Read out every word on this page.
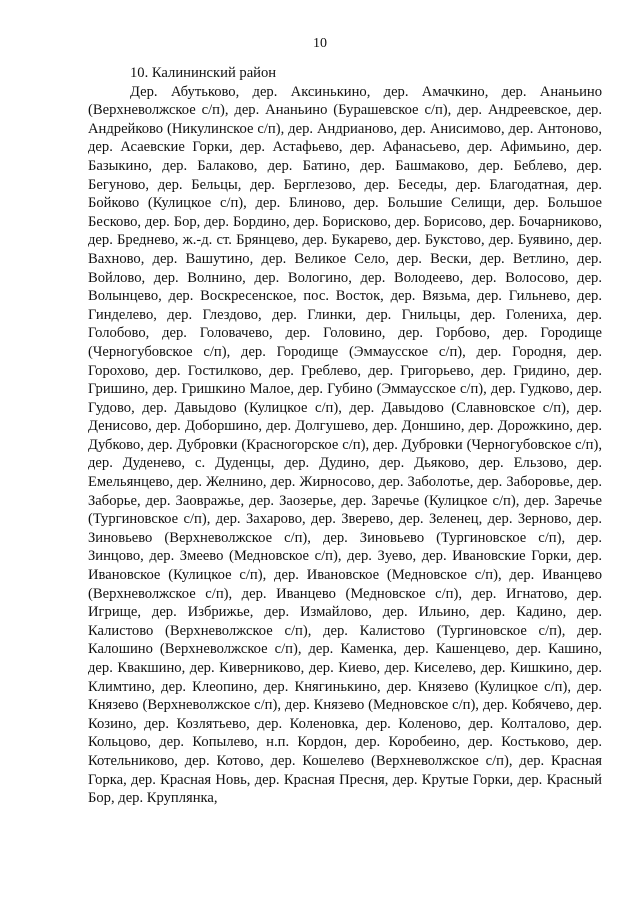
10

10. Калининский район

Дер. Абутьково, дер. Аксинькино, дер. Амачкино, дер. Ананьино (Верхневолжское с/п), дер. Ананьино (Бурашевское с/п), дер. Андреевское, дер. Андрейково (Никулинское с/п), дер. Андрианово, дер. Анисимово, дер. Антоново, дер. Асаевские Горки, дер. Астафьево, дер. Афанасьево, дер. Афимьино, дер. Базыкино, дер. Балаково, дер. Батино, дер. Башмаково, дер. Беблево, дер. Бегуново, дер. Бельцы, дер. Берглезово, дер. Беседы, дер. Благодатная, дер. Бойково (Кулицкое с/п), дер. Блиново, дер. Большие Селищи, дер. Большое Бесково, дер. Бор, дер. Бордино, дер. Борисково, дер. Борисово, дер. Бочарниково, дер. Бреднево, ж.-д. ст. Брянцево, дер. Букарево, дер. Букстово, дер. Буявино, дер. Вахново, дер. Вашутино, дер. Великое Село, дер. Вески, дер. Ветлино, дер. Войлово, дер. Волнино, дер. Вологино, дер. Володеево, дер. Волосово, дер. Волынцево, дер. Воскресенское, пос. Восток, дер. Вязьма, дер. Гильнево, дер. Гинделево, дер. Глездово, дер. Глинки, дер. Гнильцы, дер. Голениха, дер. Голобово, дер. Головачево, дер. Головино, дер. Горбово, дер. Городище (Черногубовское с/п), дер. Городище (Эммаусское с/п), дер. Городня, дер. Горохово, дер. Гостилково, дер. Греблево, дер. Григорьево, дер. Гридино, дер. Гришино, дер. Гришкино Малое, дер. Губино (Эммаусское с/п), дер. Гудково, дер. Гудово, дер. Давыдово (Кулицкое с/п), дер. Давыдово (Славновское с/п), дер. Денисово, дер. Доборшино, дер. Долгушево, дер. Доншино, дер. Дорожкино, дер. Дубково, дер. Дубровки (Красногорское с/п), дер. Дубровки (Черногубовское с/п), дер. Дуденево, с. Дуденцы, дер. Дудино, дер. Дьяково, дер. Ельзово, дер. Емельянцево, дер. Желнино, дер. Жирносово, дер. Заболотье, дер. Заборовье, дер. Заборье, дер. Заовражье, дер. Заозерье, дер. Заречье (Кулицкое с/п), дер. Заречье (Тургиновское с/п), дер. Захарово, дер. Зверево, дер. Зеленец, дер. Зерново, дер. Зиновьево (Верхневолжское с/п), дер. Зиновьево (Тургиновское с/п), дер. Зинцово, дер. Змеево (Медновское с/п), дер. Зуево, дер. Ивановские Горки, дер. Ивановское (Кулицкое с/п), дер. Ивановское (Медновское с/п), дер. Иванцево (Верхневолжское с/п), дер. Иванцево (Медновское с/п), дер. Игнатово, дер. Игрище, дер. Избрижье, дер. Измайлово, дер. Ильино, дер. Кадино, дер. Калистово (Верхневолжское с/п), дер. Калистово (Тургиновское с/п), дер. Калошино (Верхневолжское с/п), дер. Каменка, дер. Кашенцево, дер. Кашино, дер. Квакшино, дер. Киверниково, дер. Киево, дер. Киселево, дер. Кишкино, дер. Климтино, дер. Клеопино, дер. Княгинькино, дер. Князево (Кулицкое с/п), дер. Князево (Верхневолжское с/п), дер. Князево (Медновское с/п), дер. Кобячево, дер. Козино, дер. Козлятьево, дер. Коленовка, дер. Коленово, дер. Колталово, дер. Кольцово, дер. Копылево, н.п. Кордон, дер. Коробеино, дер. Костьково, дер. Котельниково, дер. Котово, дер. Кошелево (Верхневолжское с/п), дер. Красная Горка, дер. Красная Новь, дер. Красная Пресня, дер. Крутые Горки, дер. Красный Бор, дер. Круплянка,
